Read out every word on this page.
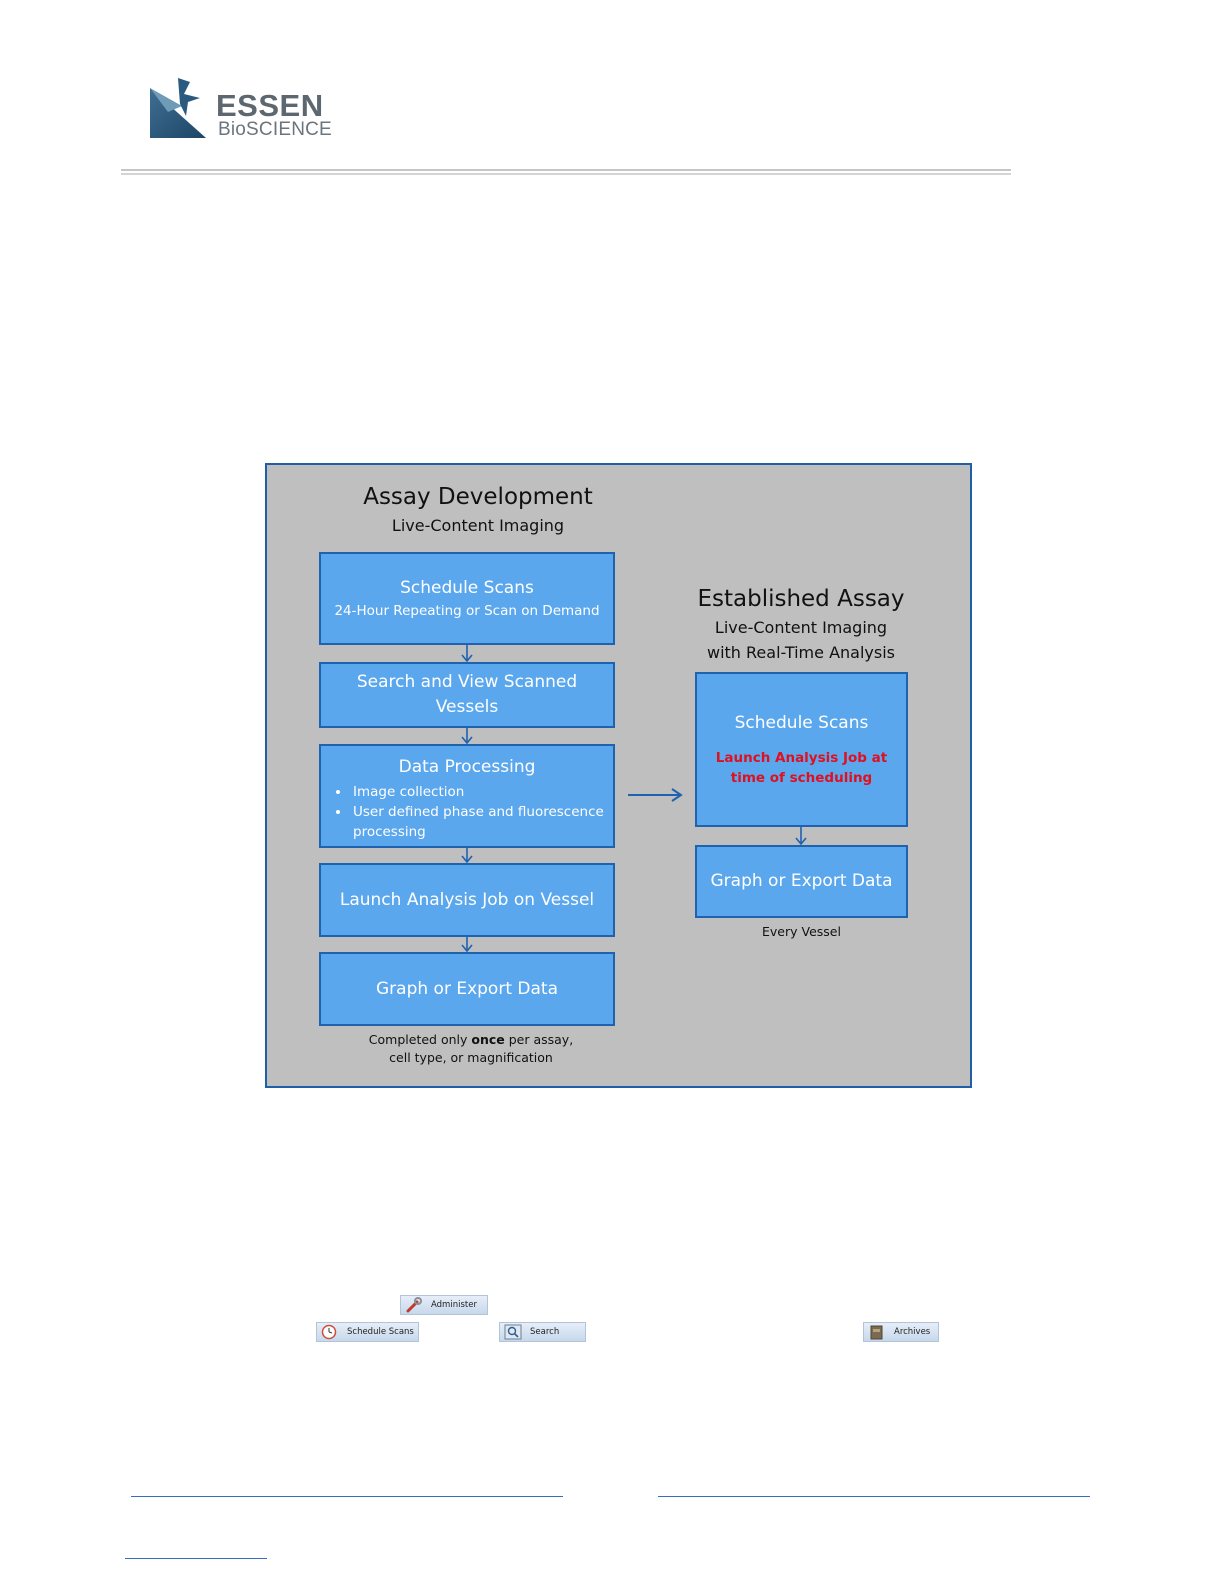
ESSEN
BioSCIENCE
Assay Development
Live-Content Imaging
Schedule Scans
24-Hour Repeating or Scan on Demand
Search and View Scanned Vessels
Data Processing
• Image collection
• User defined phase and fluorescence processing
Launch Analysis Job on Vessel
Graph or Export Data
Completed only once per assay,
cell type, or magnification
Established Assay
Live-Content Imaging
with Real-Time Analysis
Schedule Scans
Launch Analysis Job at time of scheduling
Graph or Export Data
Every Vessel
Administer
Schedule Scans	Search	Archives
